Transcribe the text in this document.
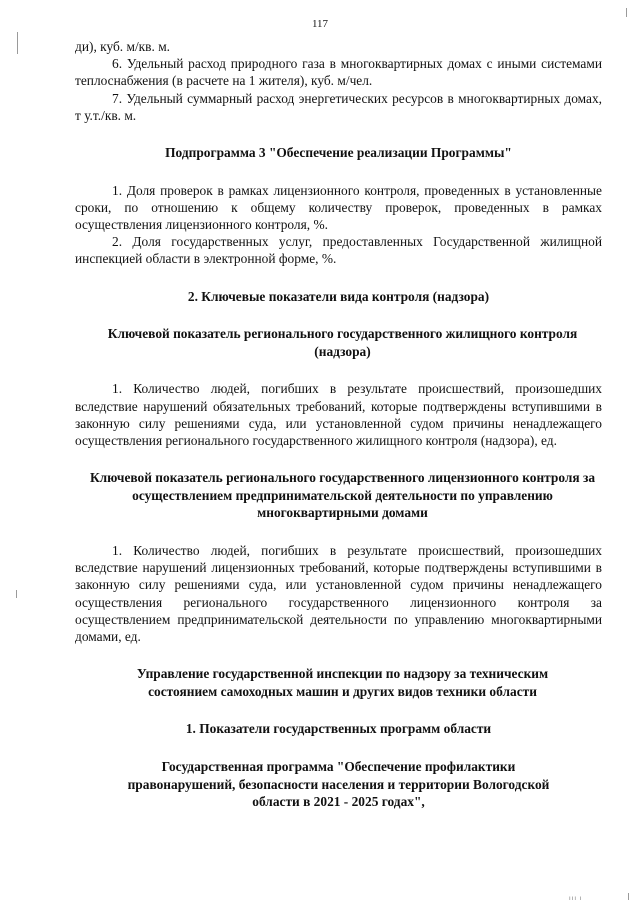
117

ди), куб. м/кв. м.

6. Удельный расход природного газа в многоквартирных домах с иными системами теплоснабжения (в расчете на 1 жителя), куб. м/чел.

7. Удельный суммарный расход энергетических ресурсов в многоквартирных домах, т у.т./кв. м.

Подпрограмма 3 "Обеспечение реализации Программы"

1. Доля проверок в рамках лицензионного контроля, проведенных в установленные сроки, по отношению к общему количеству проверок, проведенных в рамках осуществления лицензионного контроля, %.

2. Доля государственных услуг, предоставленных Государственной жилищной инспекцией области в электронной форме, %.

2. Ключевые показатели вида контроля (надзора)
Ключевой показатель регионального государственного жилищного контроля (надзора)

1. Количество людей, погибших в результате происшествий, произошедших вследствие нарушений обязательных требований, которые подтверждены вступившими в законную силу решениями суда, или установленной судом причины ненадлежащего осуществления регионального государственного жилищного контроля (надзора), ед.

Ключевой показатель регионального государственного лицензионного контроля за осуществлением предпринимательской деятельности по управлению многоквартирными домами

1. Количество людей, погибших в результате происшествий, произошедших вследствие нарушений лицензионных требований, которые подтверждены вступившими в законную силу решениями суда, или установленной судом причины ненадлежащего осуществления регионального государственного лицензионного контроля за осуществлением предпринимательской деятельности по управлению многоквартирными домами, ед.

Управление государственной инспекции по надзору за техническим состоянием самоходных машин и других видов техники области
1. Показатели государственных программ области
Государственная программа "Обеспечение профилактики правонарушений, безопасности населения и территории Вологодской области в 2021 - 2025 годах",
ııı ı
